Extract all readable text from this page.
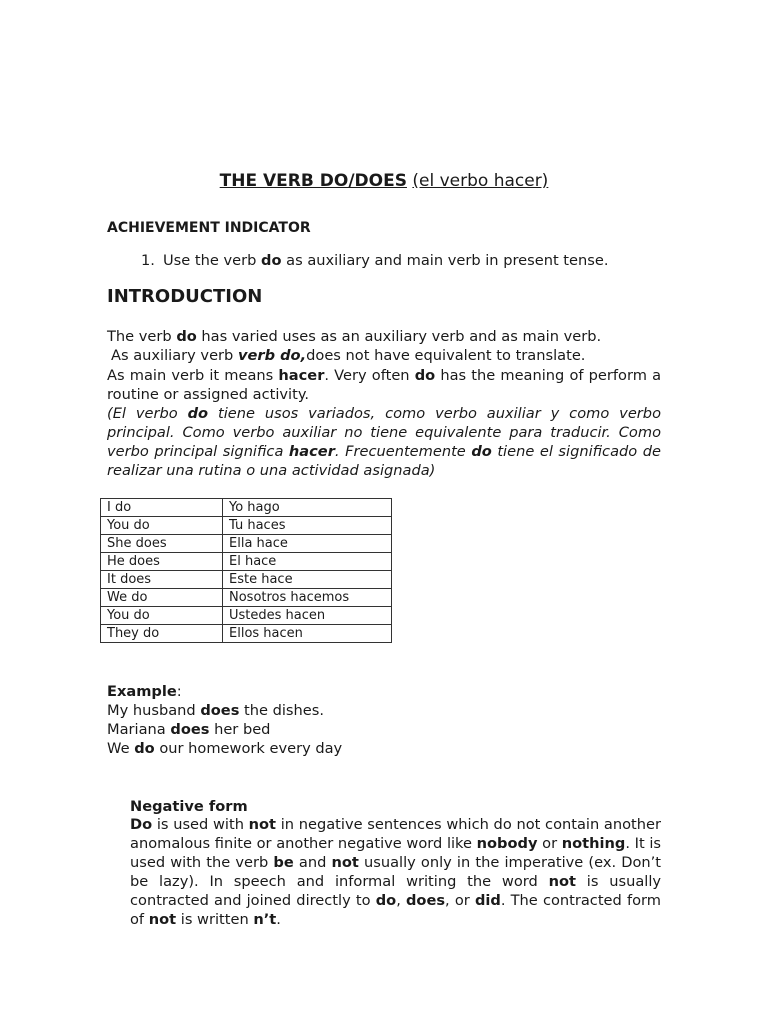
THE VERB DO/DOES (el verbo hacer)
ACHIEVEMENT INDICATOR
1. Use the verb do as auxiliary and main verb in present tense.
INTRODUCTION
The verb do has varied uses as an auxiliary verb and as main verb.
As auxiliary verb verb do,does not have equivalent to translate.
As main verb it means hacer. Very often do has the meaning of perform a routine or assigned activity.
(El verbo do tiene usos variados, como verbo auxiliar y como verbo principal. Como verbo auxiliar no tiene equivalente para traducir. Como verbo principal significa hacer. Frecuentemente do tiene el significado de realizar una rutina o una actividad asignada)
I do	Yo hago
You do	Tu haces
She does	Ella hace
He does	El hace
It does	Este hace
We do	Nosotros hacemos
You do	Ustedes hacen
They do	Ellos hacen
Example:
My husband does the dishes.
Mariana does her bed
We do our homework every day
Negative form
Do is used with not in negative sentences which do not contain another anomalous finite or another negative word like nobody or nothing. It is used with the verb be and not usually only in the imperative (ex. Don’t be lazy). In speech and informal writing the word not is usually contracted and joined directly to do, does, or did. The contracted form of not is written n’t.
